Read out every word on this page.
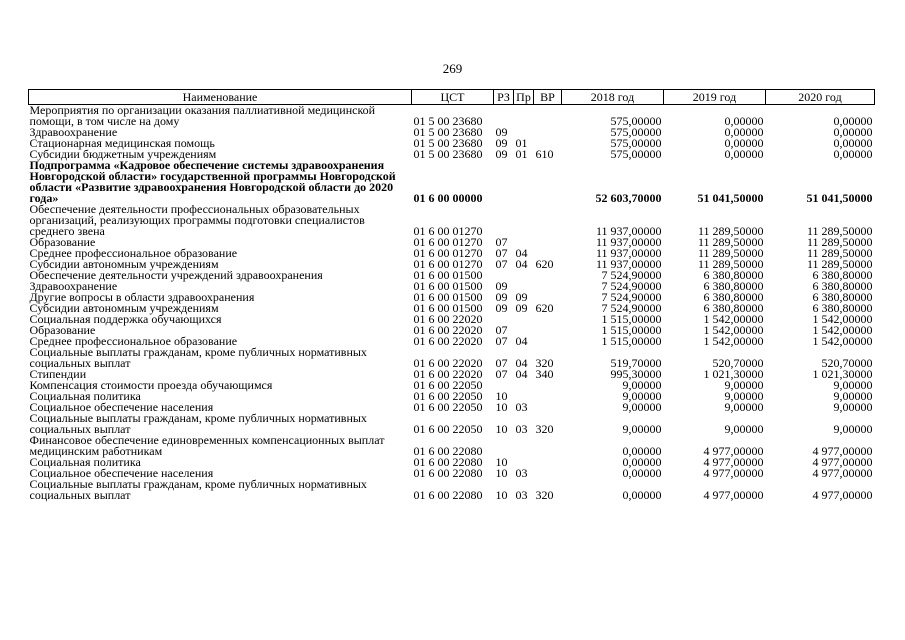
269
Наименование	ЦСТ	РЗ	Пр	ВР	2018 год	2019 год	2020 год
Мероприятия по организации оказания паллиативной медицинской помощи, в том числе на дому	01 5 00 23680				575,00000	0,00000	0,00000
Здравоохранение	01 5 00 23680	09			575,00000	0,00000	0,00000
Стационарная медицинская помощь	01 5 00 23680	09	01		575,00000	0,00000	0,00000
Субсидии бюджетным учреждениям	01 5 00 23680	09	01	610	575,00000	0,00000	0,00000
Подпрограмма «Кадровое обеспечение системы здравоохранения Новгородской области» государственной программы Новгородской области «Развитие здравоохранения Новгородской области до 2020 года»	01 6 00 00000				52 603,70000	51 041,50000	51 041,50000
Обеспечение деятельности профессиональных образовательных организаций, реализующих программы подготовки специалистов среднего звена	01 6 00 01270				11 937,00000	11 289,50000	11 289,50000
Образование	01 6 00 01270	07			11 937,00000	11 289,50000	11 289,50000
Среднее профессиональное образование	01 6 00 01270	07	04		11 937,00000	11 289,50000	11 289,50000
Субсидии автономным учреждениям	01 6 00 01270	07	04	620	11 937,00000	11 289,50000	11 289,50000
Обеспечение деятельности учреждений здравоохранения	01 6 00 01500				7 524,90000	6 380,80000	6 380,80000
Здравоохранение	01 6 00 01500	09			7 524,90000	6 380,80000	6 380,80000
Другие вопросы в области здравоохранения	01 6 00 01500	09	09		7 524,90000	6 380,80000	6 380,80000
Субсидии автономным учреждениям	01 6 00 01500	09	09	620	7 524,90000	6 380,80000	6 380,80000
Социальная поддержка обучающихся	01 6 00 22020				1 515,00000	1 542,00000	1 542,00000
Образование	01 6 00 22020	07			1 515,00000	1 542,00000	1 542,00000
Среднее профессиональное образование	01 6 00 22020	07	04		1 515,00000	1 542,00000	1 542,00000
Социальные выплаты гражданам, кроме публичных нормативных социальных выплат	01 6 00 22020	07	04	320	519,70000	520,70000	520,70000
Стипендии	01 6 00 22020	07	04	340	995,30000	1 021,30000	1 021,30000
Компенсация стоимости проезда обучающимся	01 6 00 22050				9,00000	9,00000	9,00000
Социальная политика	01 6 00 22050	10			9,00000	9,00000	9,00000
Социальное обеспечение населения	01 6 00 22050	10	03		9,00000	9,00000	9,00000
Социальные выплаты гражданам, кроме публичных нормативных социальных выплат	01 6 00 22050	10	03	320	9,00000	9,00000	9,00000
Финансовое обеспечение единовременных компенсационных выплат медицинским работникам	01 6 00 22080				0,00000	4 977,00000	4 977,00000
Социальная политика	01 6 00 22080	10			0,00000	4 977,00000	4 977,00000
Социальное обеспечение населения	01 6 00 22080	10	03		0,00000	4 977,00000	4 977,00000
Социальные выплаты гражданам, кроме публичных нормативных социальных выплат	01 6 00 22080	10	03	320	0,00000	4 977,00000	4 977,00000
